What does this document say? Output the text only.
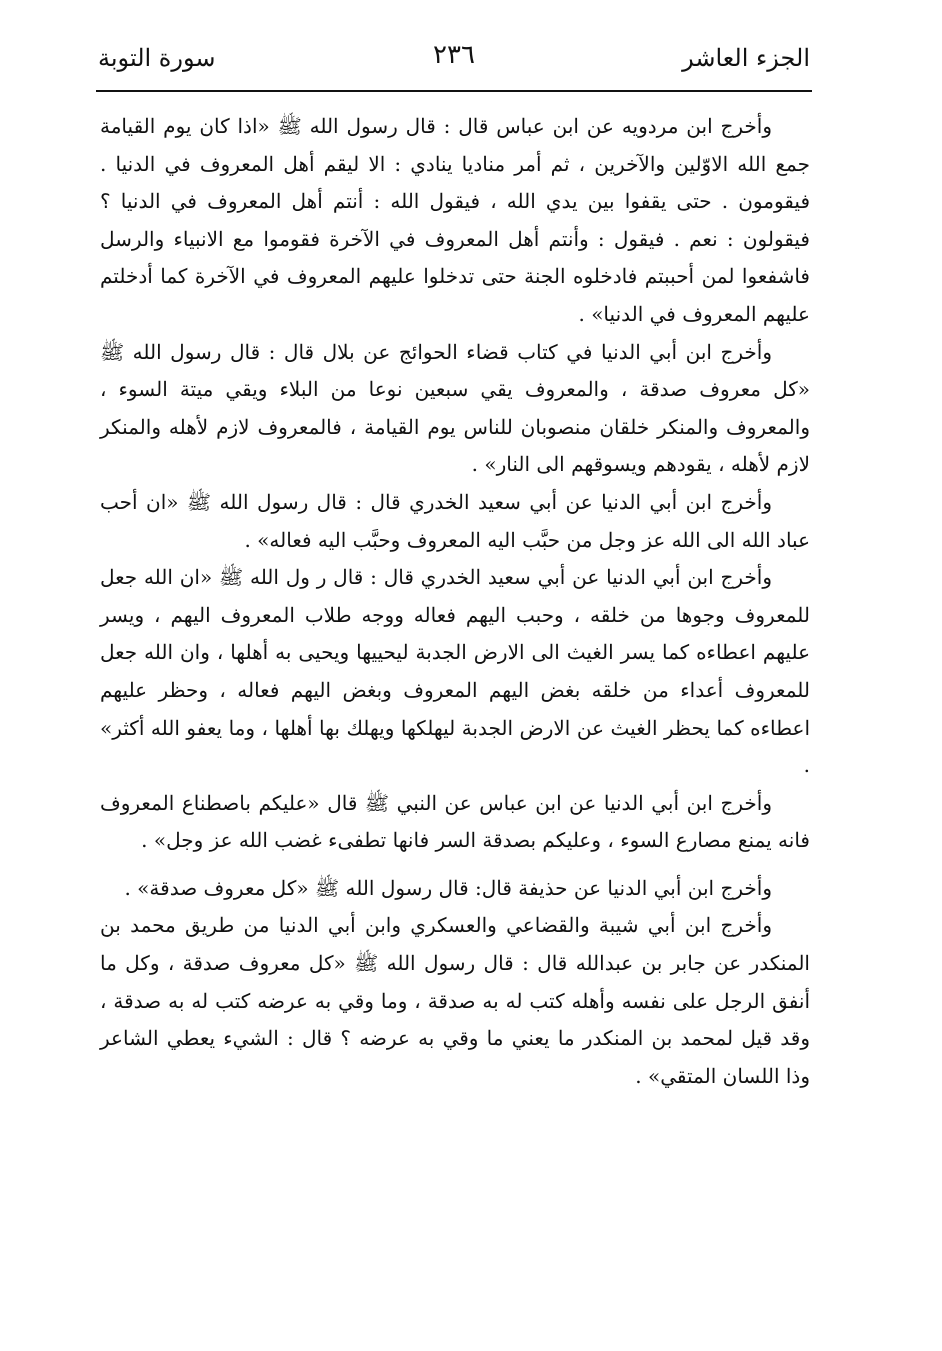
الجزء العاشر
٢٣٦
سورة التوبة

وأخرج ابن مردويه عن ابن عباس قال : قال رسول الله ﷺ «اذا كان يوم القيامة جمع الله الاوّلين والآخرين ، ثم أمر مناديا ينادي : الا ليقم أهل المعروف في الدنيا . فيقومون . حتى يقفوا بين يدي الله ، فيقول الله : أنتم أهل المعروف في الدنيا ؟ فيقولون : نعم . فيقول : وأنتم أهل المعروف في الآخرة فقوموا مع الانبياء والرسل فاشفعوا لمن أحببتم فادخلوه الجنة حتى تدخلوا عليهم المعروف في الآخرة كما أدخلتم عليهم المعروف في الدنيا» .

وأخرج ابن أبي الدنيا في كتاب قضاء الحوائج عن بلال قال : قال رسول الله ﷺ «كل معروف صدقة ، والمعروف يقي سبعين نوعا من البلاء ويقي ميتة السوء ، والمعروف والمنكر خلقان منصوبان للناس يوم القيامة ، فالمعروف لازم لأهله والمنكر لازم لأهله ، يقودهم ويسوقهم الى النار» .

وأخرج ابن أبي الدنيا عن أبي سعيد الخدري قال : قال رسول الله ﷺ «ان أحب عباد الله الى الله عز وجل من حبَّب اليه المعروف وحبَّب اليه فعاله» .

وأخرج ابن أبي الدنيا عن أبي سعيد الخدري قال : قال ر ول الله ﷺ «ان الله جعل للمعروف وجوها من خلقه ، وحبب اليهم فعاله ووجه طلاب المعروف اليهم ، ويسر عليهم اعطاءه كما يسر الغيث الى الارض الجدبة ليحييها ويحيى به أهلها ، وان الله جعل للمعروف أعداء من خلقه بغض اليهم المعروف وبغض اليهم فعاله ، وحظر عليهم اعطاءه كما يحظر الغيث عن الارض الجدبة ليهلكها ويهلك بها أهلها ، وما يعفو الله أكثر» .

وأخرج ابن أبي الدنيا عن ابن عباس عن النبي ﷺ قال «عليكم باصطناع المعروف فانه يمنع مصارع السوء ، وعليكم بصدقة السر فانها تطفىء غضب الله عز وجل» .

وأخرج ابن أبي الدنيا عن حذيفة قال: قال رسول الله ﷺ «كل معروف صدقة» .

وأخرج ابن أبي شيبة والقضاعي والعسكري وابن أبي الدنيا من طريق محمد بن المنكدر عن جابر بن عبدالله قال : قال رسول الله ﷺ «كل معروف صدقة ، وكل ما أنفق الرجل على نفسه وأهله كتب له به صدقة ، وما وقي به عرضه كتب له به صدقة ، وقد قيل لمحمد بن المنكدر ما يعني ما وقي به عرضه ؟ قال : الشيء يعطي الشاعر وذا اللسان المتقي» .
